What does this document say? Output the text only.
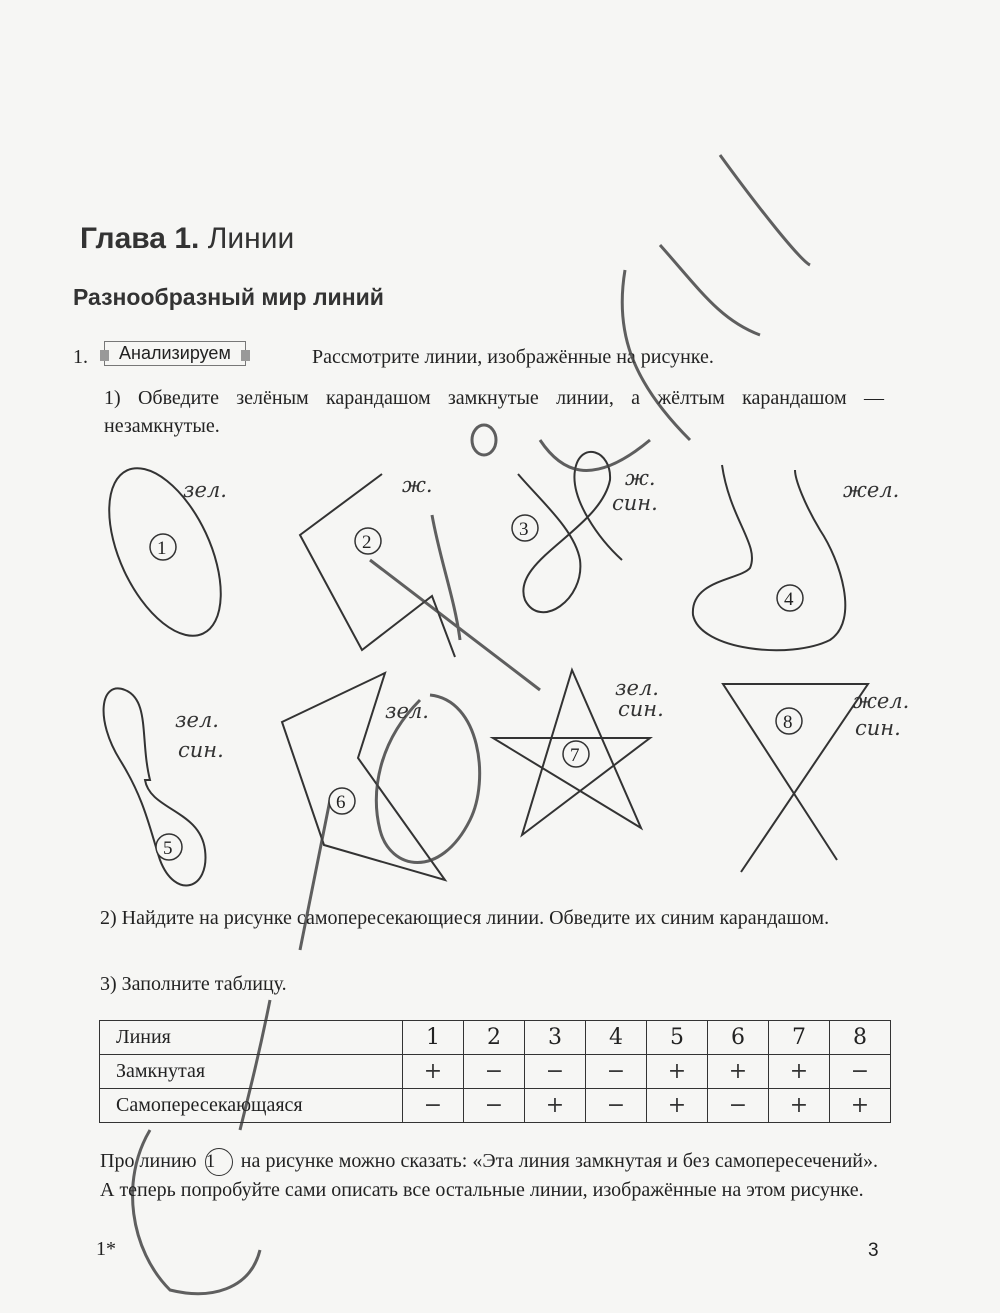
Глава 1. Линии
Разнообразный мир линий
1.	Анализируем	Рассмотрите линии, изображённые на рисунке.
1) Обведите зелёным карандашом замкнутые линии, а жёлтым карандашом — незамкнутые.
1	2
3
4
5
6
7
8
зел.	ж.	ж.
син.
жел.
зел.
син.
зел.
зел.
син.	жел.
син.
2) Найдите на рисунке самопересекающиеся линии. Обведите их синим карандашом.
3) Заполните таблицу.
Линия	1	2	3	4	5	6	7	8
Замкнутая	+	−	−	−	+	+	+	−
Самопересекающаяся	−	−	+	−	+	−	+	+
Про линию 1 на рисунке можно сказать: «Эта линия замкнутая и без самопересечений». А теперь попробуйте сами описать все остальные линии, изображённые на этом рисунке.
1*	3
